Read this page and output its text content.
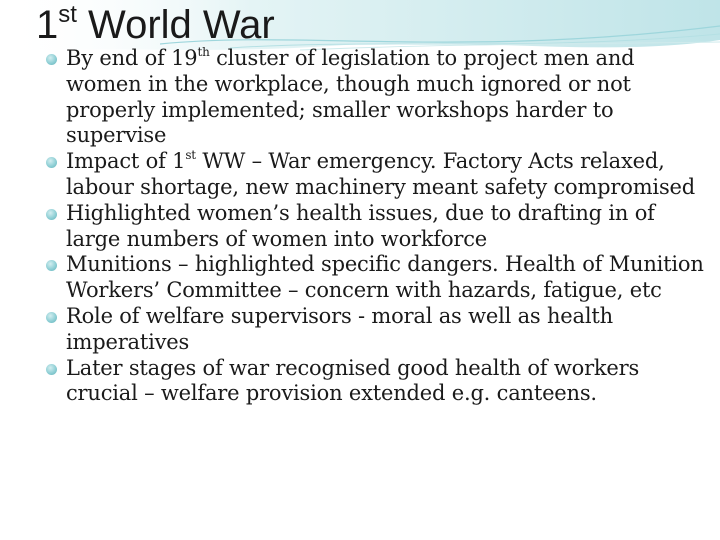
1st World War
By end of 19th cluster of legislation to project men and women in the workplace, though much ignored or not properly implemented; smaller workshops harder to supervise
Impact of 1st WW – War emergency. Factory Acts relaxed, labour shortage, new machinery meant safety compromised
Highlighted women’s health issues, due to drafting in of large numbers of women into workforce
Munitions – highlighted specific dangers. Health of Munition Workers’ Committee – concern with hazards, fatigue, etc
Role of welfare supervisors - moral as well as health imperatives
Later stages of war recognised good health of workers crucial – welfare provision extended e.g. canteens.
